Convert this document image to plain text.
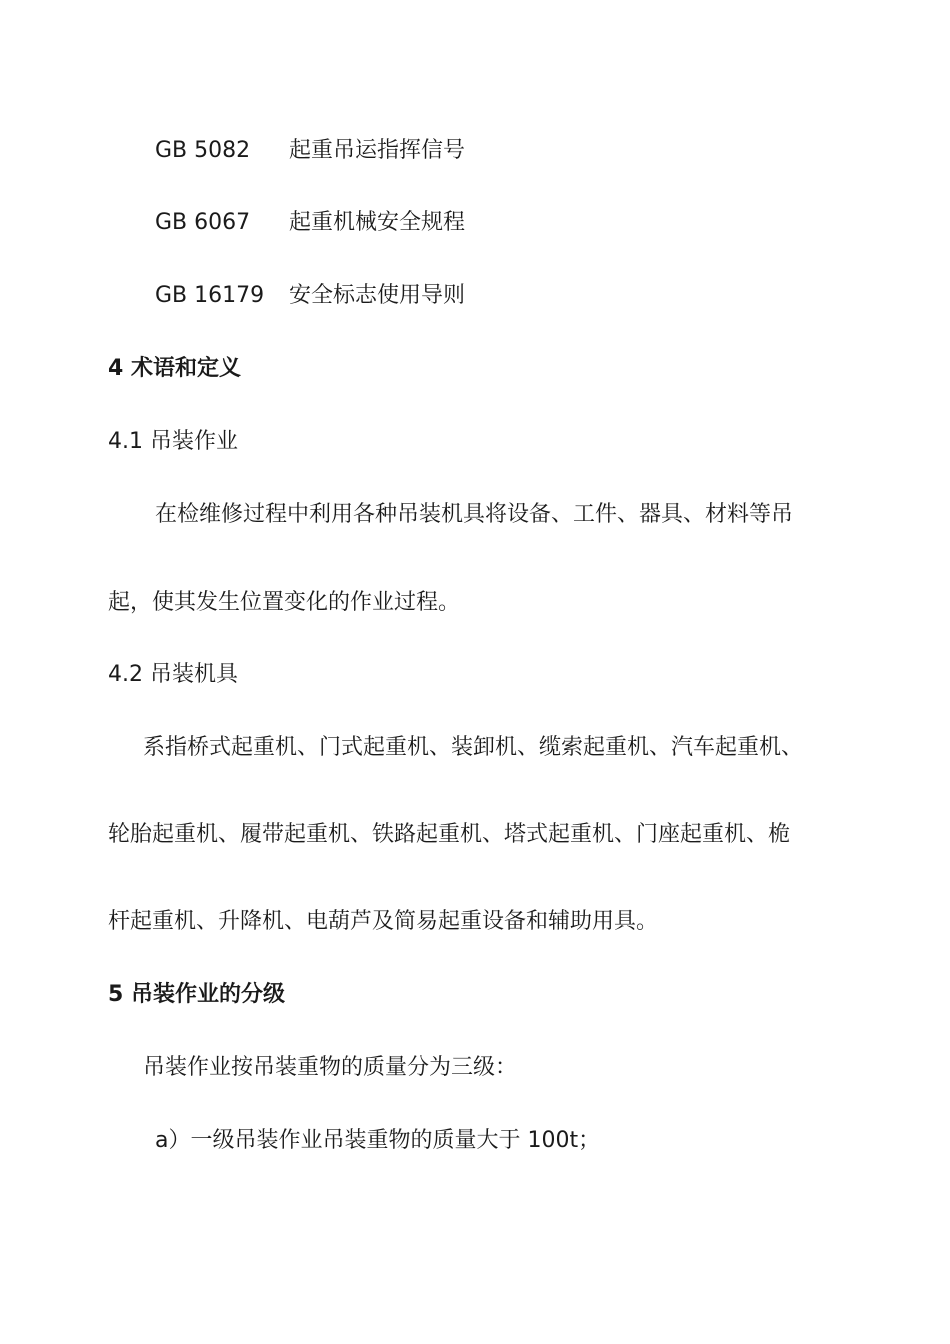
GB 5082 起重吊运指挥信号
GB 6067 起重机械安全规程
GB 16179 安全标志使用导则
4 术语和定义
4.1 吊装作业
在检维修过程中利用各种吊装机具将设备、工件、器具、材料等吊
起，使其发生位置变化的作业过程。
4.2 吊装机具
系指桥式起重机、门式起重机、装卸机、缆索起重机、汽车起重机、
轮胎起重机、履带起重机、铁路起重机、塔式起重机、门座起重机、桅
杆起重机、升降机、电葫芦及简易起重设备和辅助用具。
5 吊装作业的分级
吊装作业按吊装重物的质量分为三级：
a）一级吊装作业吊装重物的质量大于 100t；
